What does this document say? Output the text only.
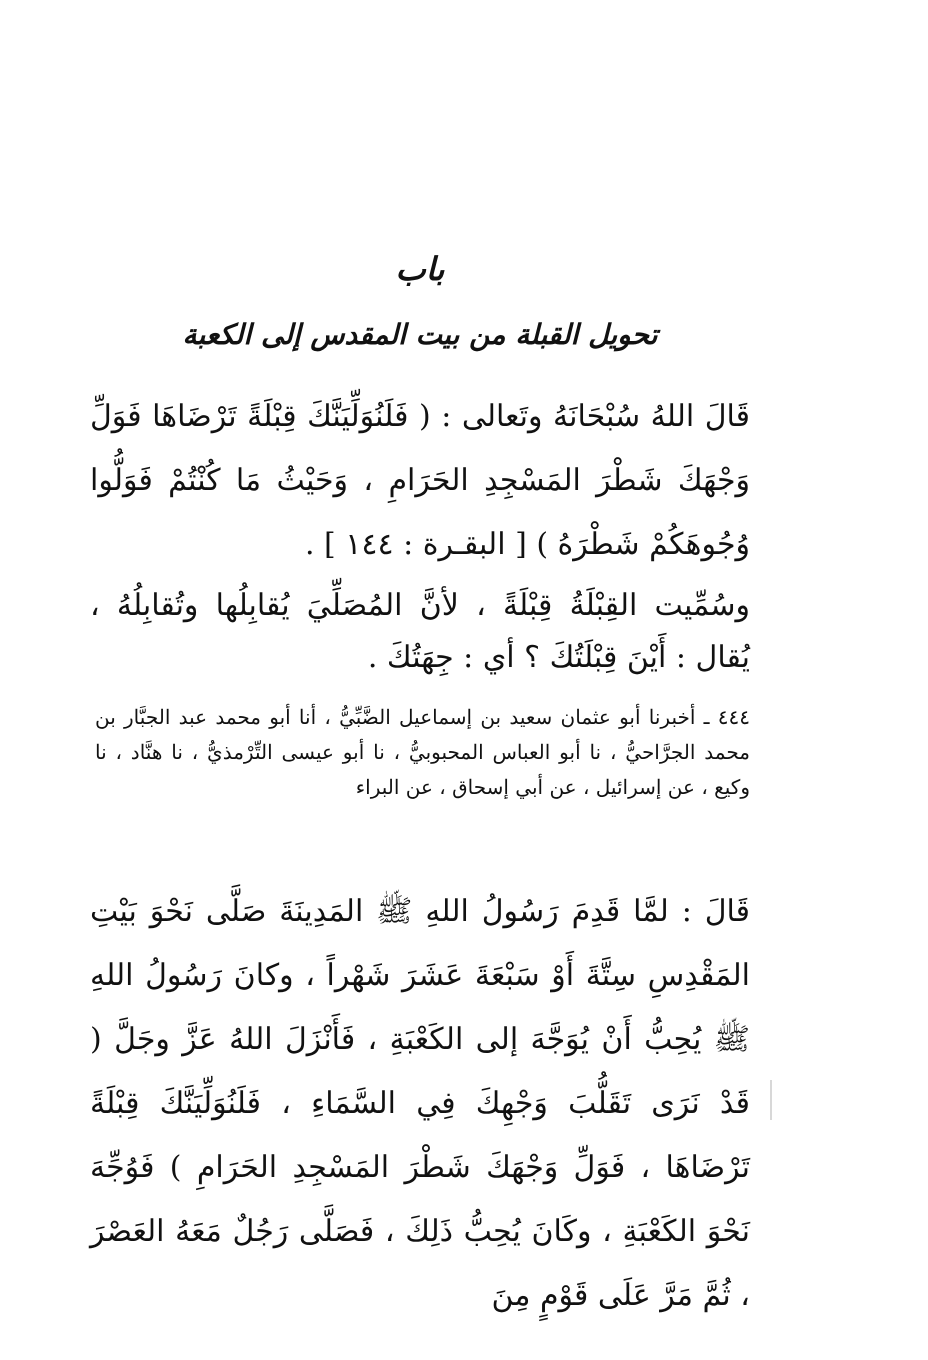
باب
تحويل القبلة من بيت المقدس إلى الكعبة
قَالَ اللهُ سُبْحَانَهُ وتَعالى : ( فَلَنُوَلِّيَنَّكَ قِبْلَةً تَرْضَاهَا فَوَلِّ وَجْهَكَ شَطْرَ المَسْجِدِ الحَرَامِ ، وَحَيْثُ مَا كُنْتُمْ فَوَلُّوا وُجُوهَكُمْ شَطْرَهُ ) [ البقـرة : ١٤٤ ] .
وسُمِّيت القِبْلَةُ قِبْلَةً ، لأنَّ المُصَلِّيَ يُقابِلُها وتُقابِلُهُ ، يُقال : أَيْنَ قِبْلَتُكَ ؟ أي : جِهَتُكَ .
٤٤٤ ـ أخبرنا أبو عثمان سعيد بن إسماعيل الضَّبِّيُّ ، أنا أبو محمد عبد الجبَّار بن محمد الجرَّاحيُّ ، نا أبو العباس المحبوبيُّ ، نا أبو عيسى التِّرْمذيُّ ، نا هنَّاد ، نا وكيع ، عن إسرائيل ، عن أبي إسحاق ، عن البراء
قَالَ : لمَّا قَدِمَ رَسُولُ اللهِ ﷺ المَدِينَةَ صَلَّى نَحْوَ بَيْتِ المَقْدِسِ سِتَّةَ أَوْ سَبْعَةَ عَشَرَ شَهْراً ، وكانَ رَسُولُ اللهِ ﷺ يُحِبُّ أَنْ يُوَجَّهَ إلى الكَعْبَةِ ، فَأَنْزَلَ اللهُ عَزَّ وجَلَّ ( قَدْ نَرَى تَقَلُّبَ وَجْهِكَ فِي السَّمَاءِ ، فَلَنُوَلِّيَنَّكَ قِبْلَةً تَرْضَاهَا ، فَوَلِّ وَجْهَكَ شَطْرَ المَسْجِدِ الحَرَامِ ) فَوُجِّهَ نَحْوَ الكَعْبَةِ ، وكَانَ يُحِبُّ ذَلِكَ ، فَصَلَّى رَجُلٌ مَعَهُ العَصْرَ ، ثُمَّ مَرَّ عَلَى قَوْمٍ مِنَ
